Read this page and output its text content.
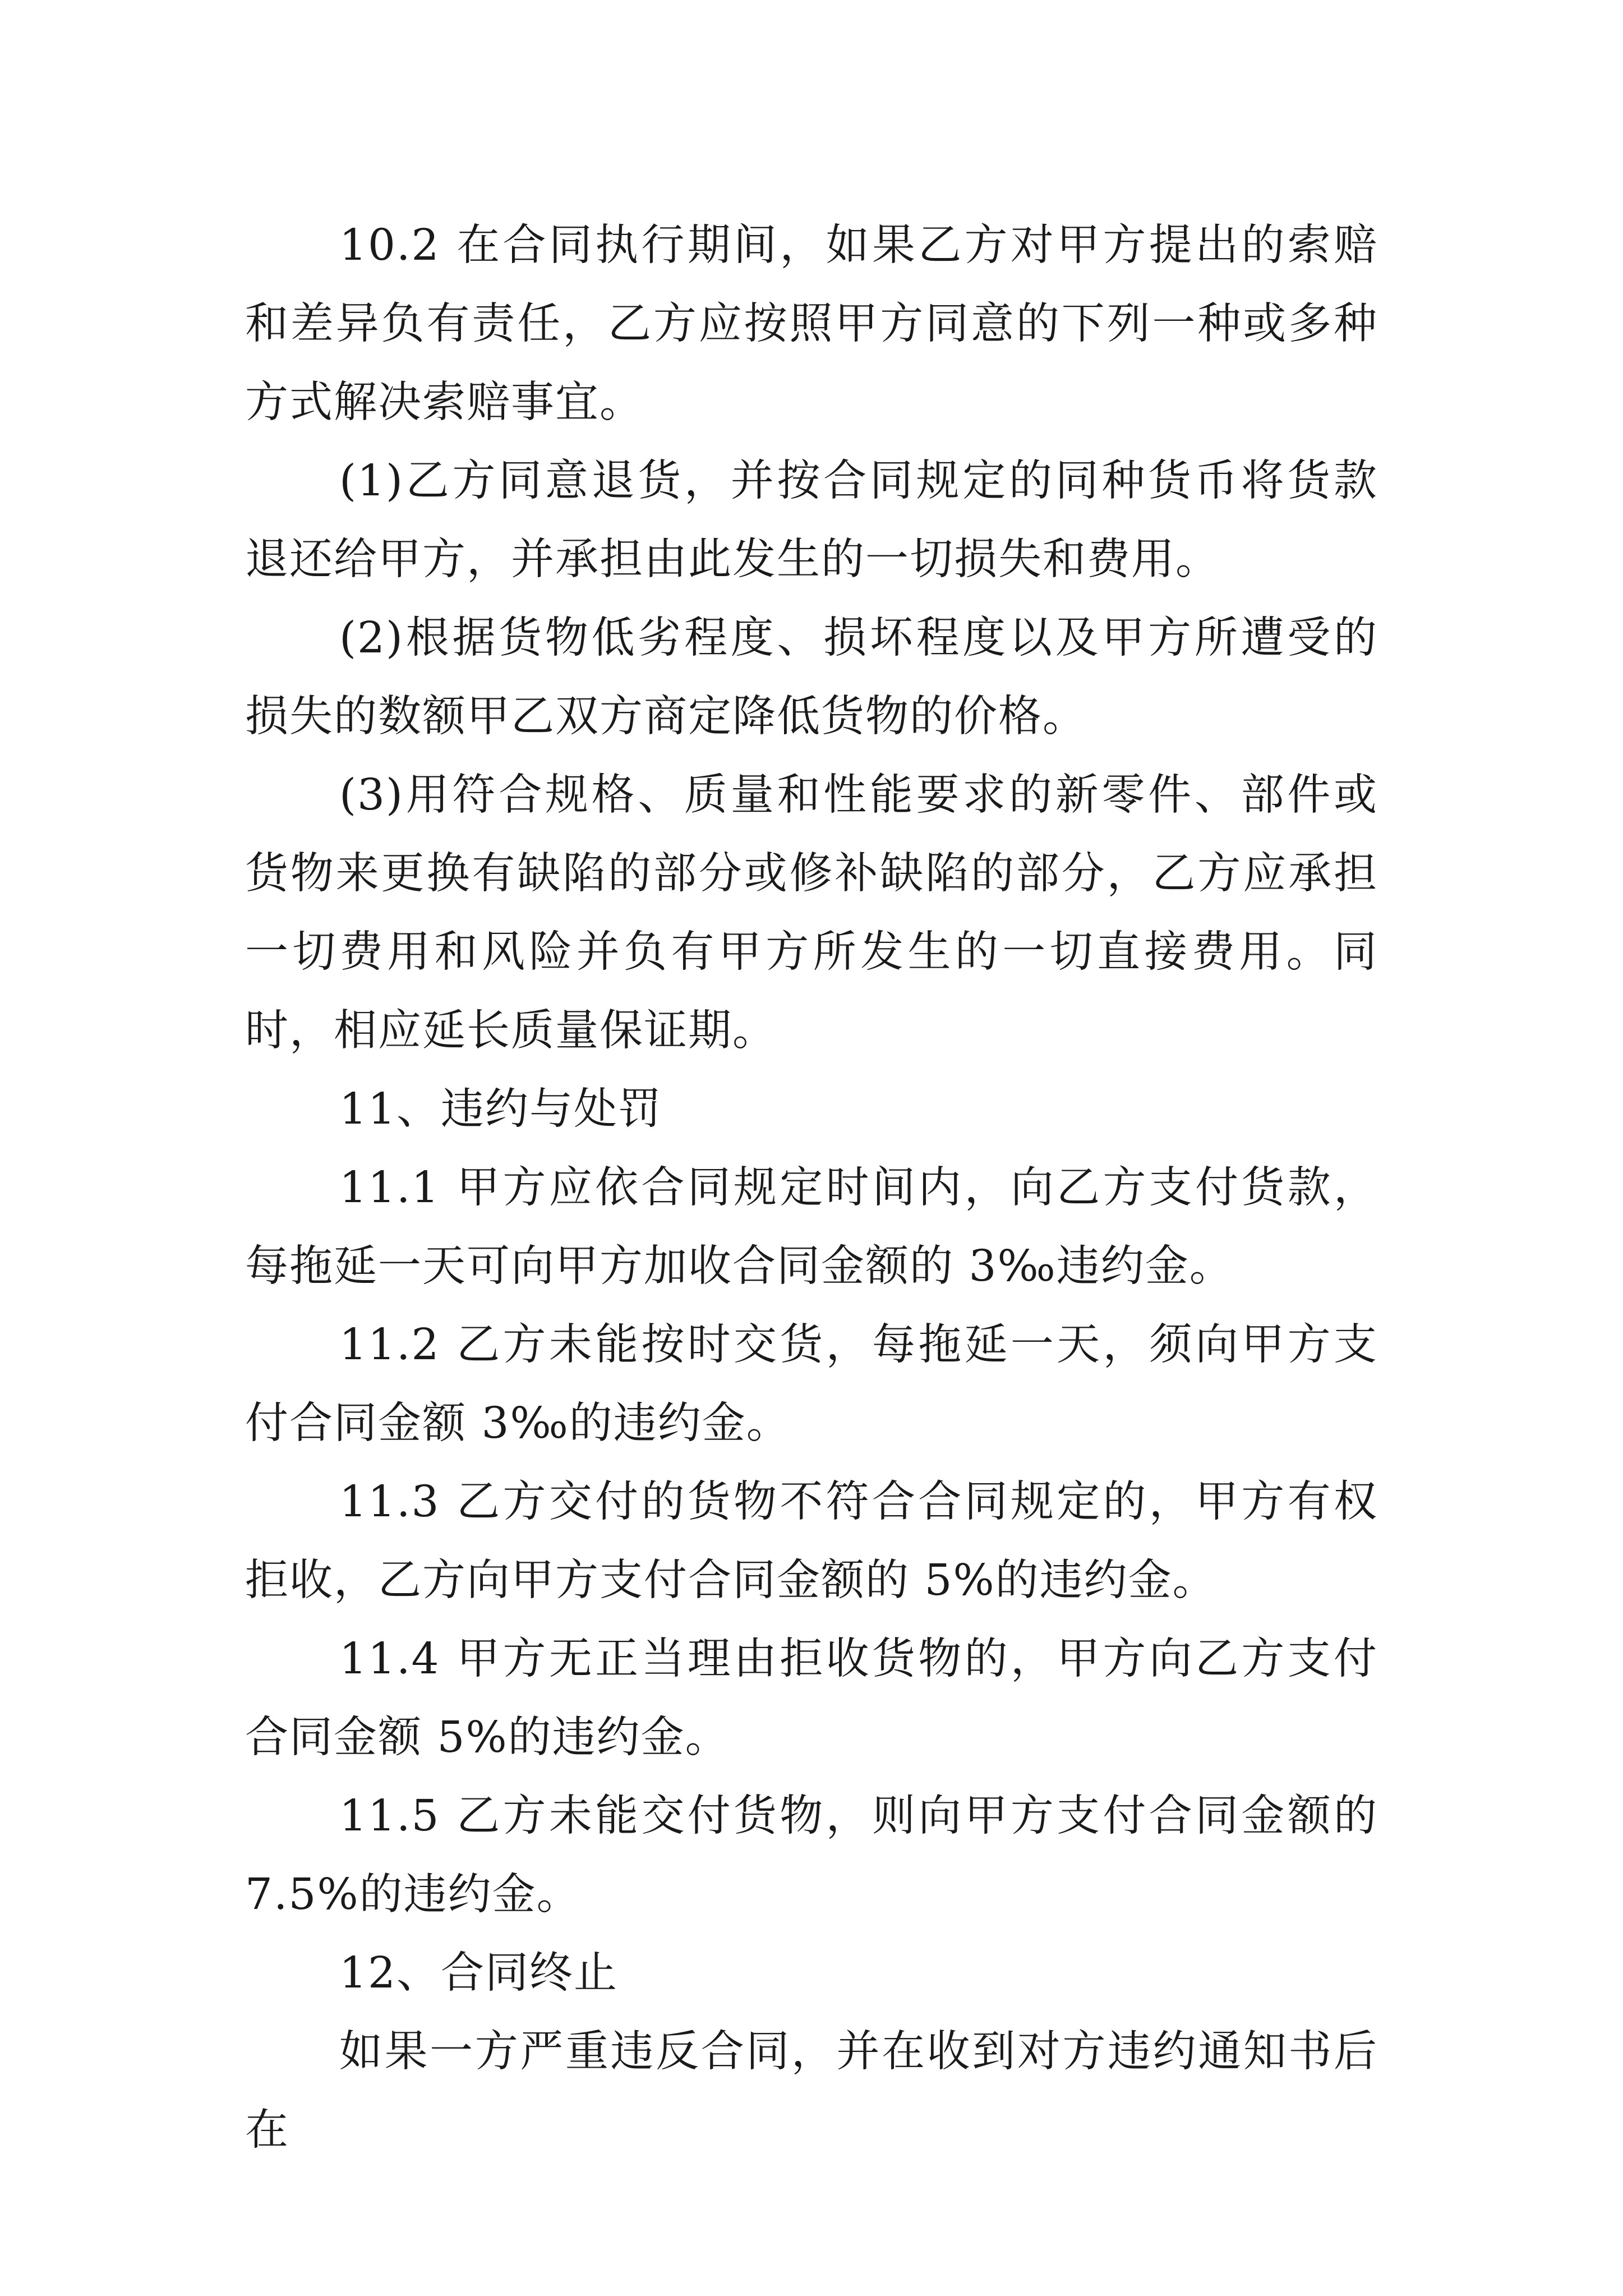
10.2 在合同执行期间，如果乙方对甲方提出的索赔和差异负有责任，乙方应按照甲方同意的下列一种或多种方式解决索赔事宜。

(1)乙方同意退货，并按合同规定的同种货币将货款退还给甲方，并承担由此发生的一切损失和费用。

(2)根据货物低劣程度、损坏程度以及甲方所遭受的损失的数额甲乙双方商定降低货物的价格。

(3)用符合规格、质量和性能要求的新零件、部件或货物来更换有缺陷的部分或修补缺陷的部分，乙方应承担一切费用和风险并负有甲方所发生的一切直接费用。同时，相应延长质量保证期。

11、违约与处罚

11.1 甲方应依合同规定时间内，向乙方支付货款，每拖延一天可向甲方加收合同金额的 3‰违约金。

11.2 乙方未能按时交货，每拖延一天，须向甲方支付合同金额 3‰的违约金。

11.3 乙方交付的货物不符合合同规定的，甲方有权拒收，乙方向甲方支付合同金额的 5%的违约金。

11.4 甲方无正当理由拒收货物的，甲方向乙方支付合同金额 5%的违约金。

11.5 乙方未能交付货物，则向甲方支付合同金额的 7.5%的违约金。

12、合同终止

如果一方严重违反合同，并在收到对方违约通知书后在
